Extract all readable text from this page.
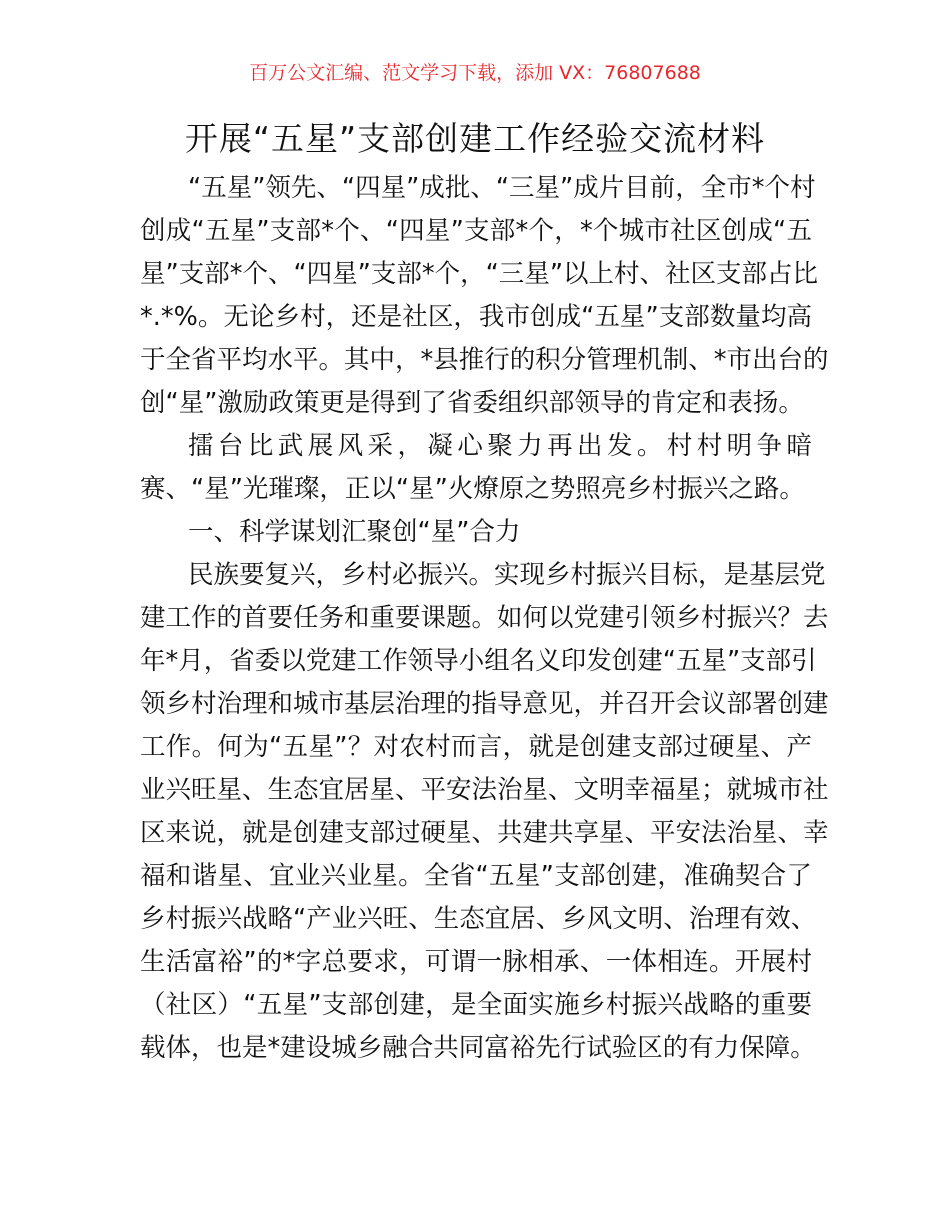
百万公文汇编、范文学习下载，添加 VX：76807688
开展“五星”支部创建工作经验交流材料
“五星”领先、“四星”成批、“三星”成片目前，全市*个村
创成“五星”支部*个、“四星”支部*个，*个城市社区创成“五
星”支部*个、“四星”支部*个，“三星”以上村、社区支部占比
*.*%。无论乡村，还是社区，我市创成“五星”支部数量均高
于全省平均水平。其中，*县推行的积分管理机制、*市出台的
创“星”激励政策更是得到了省委组织部领导的肯定和表扬。
擂台比武展风采，凝心聚力再出发。村村明争暗
赛、“星”光璀璨，正以“星”火燎原之势照亮乡村振兴之路。
一、科学谋划汇聚创“星”合力
民族要复兴，乡村必振兴。实现乡村振兴目标，是基层党
建工作的首要任务和重要课题。如何以党建引领乡村振兴？去
年*月，省委以党建工作领导小组名义印发创建“五星”支部引
领乡村治理和城市基层治理的指导意见，并召开会议部署创建
工作。何为“五星”？对农村而言，就是创建支部过硬星、产
业兴旺星、生态宜居星、平安法治星、文明幸福星；就城市社
区来说，就是创建支部过硬星、共建共享星、平安法治星、幸
福和谐星、宜业兴业星。全省“五星”支部创建，准确契合了
乡村振兴战略“产业兴旺、生态宜居、乡风文明、治理有效、
生活富裕”的*字总要求，可谓一脉相承、一体相连。开展村
（社区）“五星”支部创建，是全面实施乡村振兴战略的重要
载体，也是*建设城乡融合共同富裕先行试验区的有力保障。
